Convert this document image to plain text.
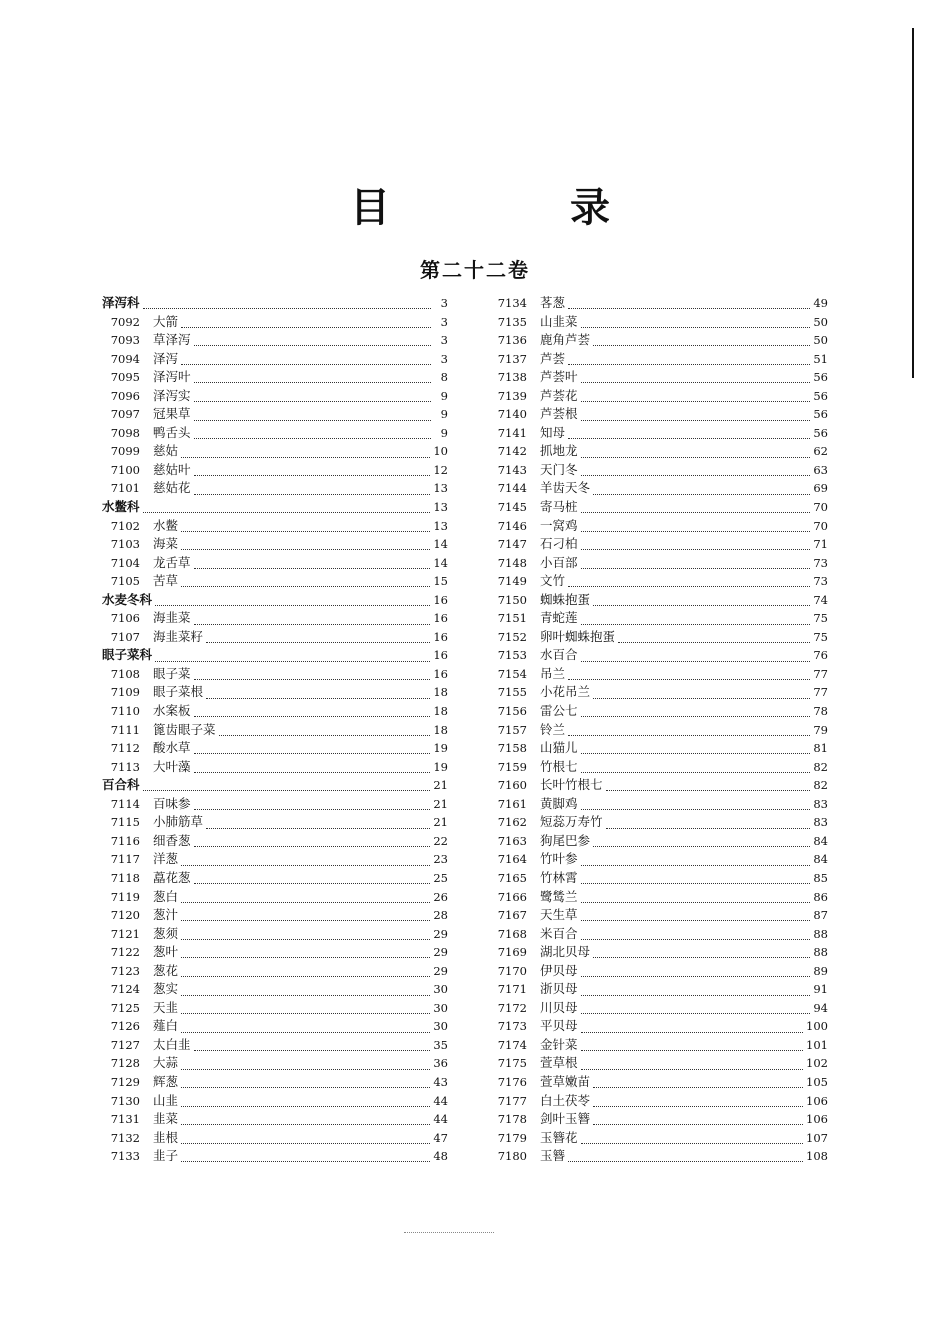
目　录
第二十二卷
泽泻科	3
7092	大箭	3
7093	草泽泻	3
7094	泽泻	3
7095	泽泻叶	8
7096	泽泻实	9
7097	冠果草	9
7098	鸭舌头	9
7099	慈姑	10
7100	慈姑叶	12
7101	慈姑花	13
水鳖科	13
7102	水鳖	13
7103	海菜	14
7104	龙舌草	14
7105	苦草	15
水麦冬科	16
7106	海韭菜	16
7107	海韭菜籽	16
眼子菜科	16
7108	眼子菜	16
7109	眼子菜根	18
7110	水案板	18
7111	篦齿眼子菜	18
7112	酸水草	19
7113	大叶藻	19
百合科	21
7114	百味参	21
7115	小肺筋草	21
7116	细香葱	22
7117	洋葱	23
7118	藠花葱	25
7119	葱白	26
7120	葱汁	28
7121	葱须	29
7122	葱叶	29
7123	葱花	29
7124	葱实	30
7125	天韭	30
7126	薤白	30
7127	太白韭	35
7128	大蒜	36
7129	辉葱	43
7130	山韭	44
7131	韭菜	44
7132	韭根	47
7133	韭子	48
7134	茖葱	49
7135	山韭菜	50
7136	鹿角芦荟	50
7137	芦荟	51
7138	芦荟叶	56
7139	芦荟花	56
7140	芦荟根	56
7141	知母	56
7142	抓地龙	62
7143	天门冬	63
7144	羊齿天冬	69
7145	寄马桩	70
7146	一窝鸡	70
7147	石刁柏	71
7148	小百部	73
7149	文竹	73
7150	蜘蛛抱蛋	74
7151	青蛇莲	75
7152	卵叶蜘蛛抱蛋	75
7153	水百合	76
7154	吊兰	77
7155	小花吊兰	77
7156	雷公七	78
7157	铃兰	79
7158	山猫儿	81
7159	竹根七	82
7160	长叶竹根七	82
7161	黄脚鸡	83
7162	短蕊万寿竹	83
7163	狗尾巴参	84
7164	竹叶参	84
7165	竹林霄	85
7166	鹭鸶兰	86
7167	天生草	87
7168	米百合	88
7169	湖北贝母	88
7170	伊贝母	89
7171	浙贝母	91
7172	川贝母	94
7173	平贝母	100
7174	金针菜	101
7175	萱草根	102
7176	萱草嫩苗	105
7177	白土茯苓	106
7178	剑叶玉簪	106
7179	玉簪花	107
7180	玉簪	108
